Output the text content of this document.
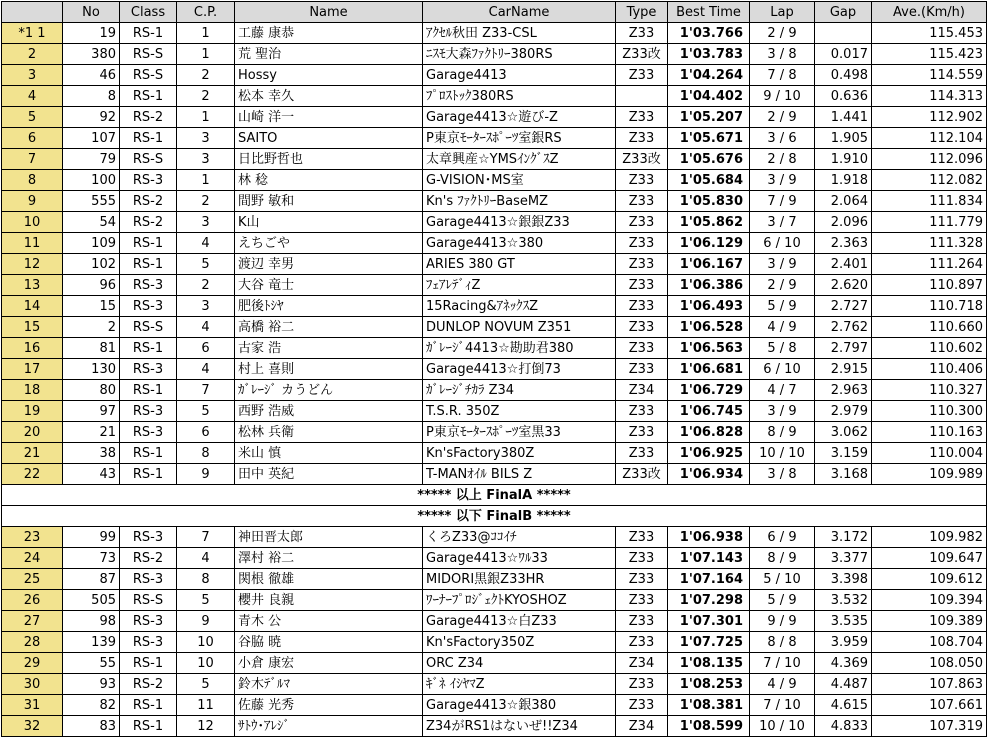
	No	Class	C.P.	Name	CarName	Type	Best Time	Lap	Gap	Ave.(Km/h)
*1 1	19	RS-1	1	工藤 康恭	ｱｸｾﾙ秋田 Z33-CSL	Z33	1'03.766	2 / 9		115.453
2	380	RS-S	1	荒 聖治	ﾆｽﾓ大森ﾌｧｸﾄﾘｰ380RS	Z33改	1'03.783	3 / 8	0.017	115.423
3	46	RS-S	2	Hossy	Garage4413	Z33	1'04.264	7 / 8	0.498	114.559
4	8	RS-1	2	松本 幸久	ﾌﾟﾛｽﾄｯｸ380RS		1'04.402	9 / 10	0.636	114.313
5	92	RS-2	1	山崎 洋一	Garage4413☆遊び-Z	Z33	1'05.207	2 / 9	1.441	112.902
6	107	RS-1	3	SAITO	P東京ﾓｰﾀｰｽﾎﾟｰﾂ室銀RS	Z33	1'05.671	3 / 6	1.905	112.104
7	79	RS-S	3	日比野哲也	太章興産☆YMSｲﾝｸﾞｽZ	Z33改	1'05.676	2 / 8	1.910	112.096
8	100	RS-3	1	林 稔	G-VISION･MS室	Z33	1'05.684	3 / 9	1.918	112.082
9	555	RS-2	2	間野 敏和	Kn's ﾌｧｸﾄﾘｰBaseMZ	Z33	1'05.830	7 / 9	2.064	111.834
10	54	RS-2	3	K山	Garage4413☆銀銀Z33	Z33	1'05.862	3 / 7	2.096	111.779
11	109	RS-1	4	えちごや	Garage4413☆380	Z33	1'06.129	6 / 10	2.363	111.328
12	102	RS-1	5	渡辺 幸男	ARIES 380 GT	Z33	1'06.167	3 / 9	2.401	111.264
13	96	RS-3	2	大谷 竜士	ﾌｪｱﾚﾃﾞｨZ	Z33	1'06.386	2 / 9	2.620	110.897
14	15	RS-3	3	肥後ﾄｼﾔ	15Racing&ｱﾈｯｸｽZ	Z33	1'06.493	5 / 9	2.727	110.718
15	2	RS-S	4	高橋 裕二	DUNLOP NOVUM Z351	Z33	1'06.528	4 / 9	2.762	110.660
16	81	RS-1	6	古家 浩	ｶﾞﾚｰｼﾞ4413☆勘助君380	Z33	1'06.563	5 / 8	2.797	110.602
17	130	RS-3	4	村上 喜則	Garage4413☆打倒73	Z33	1'06.681	6 / 10	2.915	110.406
18	80	RS-1	7	ｶﾞﾚｰｼﾞ カうどん	ｶﾞﾚｰｼﾞﾁｶﾗ Z34	Z34	1'06.729	4 / 7	2.963	110.327
19	97	RS-3	5	西野 浩威	T.S.R. 350Z	Z33	1'06.745	3 / 9	2.979	110.300
20	21	RS-3	6	松林 兵衛	P東京ﾓｰﾀｰｽﾎﾟｰﾂ室黒33	Z33	1'06.828	8 / 9	3.062	110.163
21	38	RS-1	8	米山 慎	Kn'sFactory380Z	Z33	1'06.925	10 / 10	3.159	110.004
22	43	RS-1	9	田中 英紀	T-MANｵｲﾙ BILS Z	Z33改	1'06.934	3 / 8	3.168	109.989
***** 以上 FinalA *****										
***** 以下 FinalB *****										
23	99	RS-3	7	神田晋太郎	くろZ33@ｺｺｲﾁ	Z33	1'06.938	6 / 9	3.172	109.982
24	73	RS-2	4	澤村 裕二	Garage4413☆ﾜﾙ33	Z33	1'07.143	8 / 9	3.377	109.647
25	87	RS-3	8	関根 徹雄	MIDORI黒銀Z33HR	Z33	1'07.164	5 / 10	3.398	109.612
26	505	RS-S	5	櫻井 良親	ﾜｰﾅｰﾌﾟﾛｼﾞｪｸﾄKYOSHOZ	Z33	1'07.298	5 / 9	3.532	109.394
27	98	RS-3	9	青木 公	Garage4413☆白Z33	Z33	1'07.301	9 / 9	3.535	109.389
28	139	RS-3	10	谷脇 暁	Kn'sFactory350Z	Z33	1'07.725	8 / 8	3.959	108.704
29	55	RS-1	10	小倉 康宏	ORC Z34	Z34	1'08.135	7 / 10	4.369	108.050
30	93	RS-2	5	鈴木ﾃﾞﾙﾏ	ｷﾞﾈ ｲｼﾔﾏZ	Z33	1'08.253	4 / 9	4.487	107.863
31	82	RS-1	11	佐藤 光秀	Garage4413☆銀380	Z33	1'08.381	7 / 10	4.615	107.661
32	83	RS-1	12	ｻﾄｳ･ｱﾚｼﾞ	Z34がRS1はないぜ!!Z34	Z34	1'08.599	10 / 10	4.833	107.319
